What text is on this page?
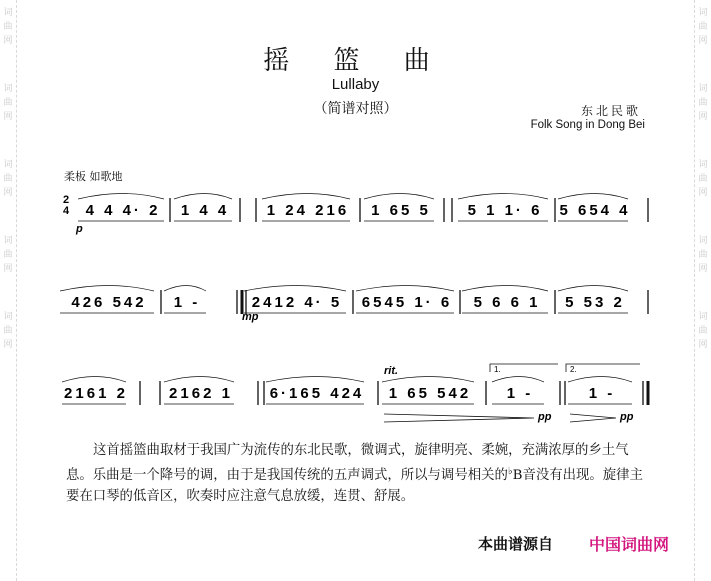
词
曲
网
词
曲
网
词
曲
网
词
曲
网
词
曲
网
词
曲
网
词
曲
网
词
曲
网
词
曲
网
词
曲
网
摇 篮 曲
Lullaby
（简谱对照）	东北民歌
Folk Song in Dong Bei
柔板 如歌地
4 4 4· 2 1 4 4	1 24 216 1 65 5 5 1 1· 6 5 654 4
426 542 1 -	2412 4· 5 6545 1· 6 5 6 6 1 5 53 2
2161 2	2162 1 6·165 424 1 65 542 1 -	1 -
2
4
p
mp
rit.
pp	pp
1.	2.
这首摇篮曲取材于我国广为流传的东北民歌，微调式，旋律明亮、柔婉，充满浓厚的乡土气息。乐曲是一个降号的调，由于是我国传统的五声调式，所以与调号相关的♭B音没有出现。旋律主要在口琴的低音区，吹奏时应注意气息放缓，连贯、舒展。
本曲谱源自 中国词曲网
